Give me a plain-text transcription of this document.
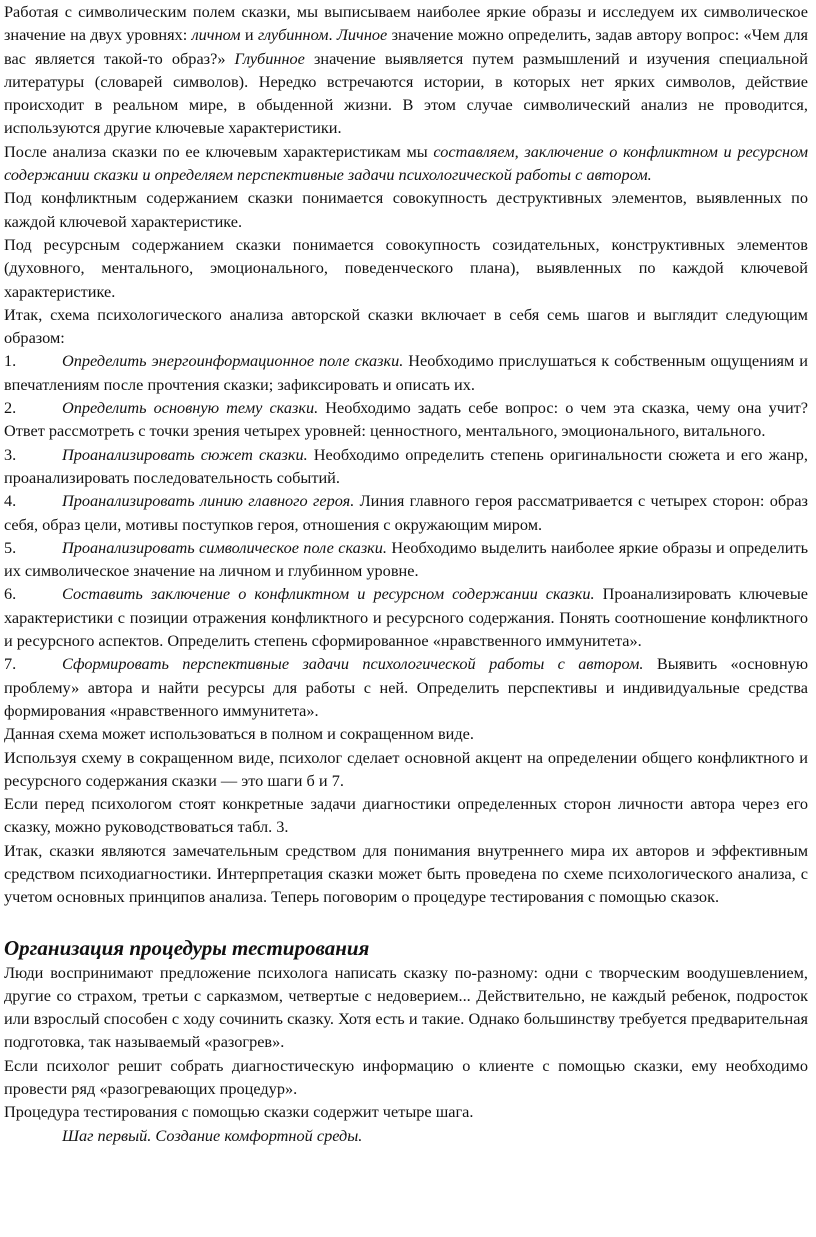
Работая с символическим полем сказки, мы выписываем наиболее яркие образы и исследуем их символическое значение на двух уровнях: личном и глубинном. Личное значение можно определить, задав автору вопрос: «Чем для вас является такой-то образ?» Глубинное значение выявляется путем размышлений и изучения специальной литературы (словарей символов). Нередко встречаются истории, в которых нет ярких символов, действие происходит в реальном мире, в обыденной жизни. В этом случае символический анализ не проводится, используются другие ключевые характеристики.

После анализа сказки по ее ключевым характеристикам мы составляем, заключение о конфликтном и ресурсном содержании сказки и определяем перспективные задачи психологической работы с автором.

Под конфликтным содержанием сказки понимается совокупность деструктивных элементов, выявленных по каждой ключевой характеристике.

Под ресурсным содержанием сказки понимается совокупность созидательных, конструктивных элементов (духовного, ментального, эмоционального, поведенческого плана), выявленных по каждой ключевой характеристике.

Итак, схема психологического анализа авторской сказки включает в себя семь шагов и выглядит следующим образом:

1.	Определить энергоинформационное поле сказки. Необходимо прислушаться к собственным ощущениям и впечатлениям после прочтения сказки; зафиксировать и описать их.

2.	Определить основную тему сказки. Необходимо задать себе вопрос: о чем эта сказка, чему она учит? Ответ рассмотреть с точки зрения четырех уровней: ценностного, ментального, эмоционального, витального.

3.	Проанализировать сюжет сказки. Необходимо определить степень оригинальности сюжета и его жанр, проанализировать последовательность событий.

4.	Проанализировать линию главного героя. Линия главного героя рассматривается с четырех сторон: образ себя, образ цели, мотивы поступков героя, отношения с окружающим миром.

5.	Проанализировать символическое поле сказки. Необходимо выделить наиболее яркие образы и определить их символическое значение на личном и глубинном уровне.

6.	Составить заключение о конфликтном и ресурсном содержании сказки. Проанализировать ключевые характеристики с позиции отражения конфликтного и ресурсного содержания. Понять соотношение конфликтного и ресурсного аспектов. Определить степень сформированное «нравственного иммунитета».

7.	Сформировать перспективные задачи психологической работы с автором. Выявить «основную проблему» автора и найти ресурсы для работы с ней. Определить перспективы и индивидуальные средства формирования «нравственного иммунитета».

Данная схема может использоваться в полном и сокращенном виде.

Используя схему в сокращенном виде, психолог сделает основной акцент на определении общего конфликтного и ресурсного содержания сказки — это шаги б и 7.

Если перед психологом стоят конкретные задачи диагностики определенных сторон личности автора через его сказку, можно руководствоваться табл. 3.

Итак, сказки являются замечательным средством для понимания внутреннего мира их авторов и эффективным средством психодиагностики. Интерпретация сказки может быть проведена по схеме психологического анализа, с учетом основных принципов анализа. Теперь поговорим о процедуре тестирования с помощью сказок.

Организация процедуры тестирования

Люди воспринимают предложение психолога написать сказку по-разному: одни с творческим воодушевлением, другие со страхом, третьи с сарказмом, четвертые с недоверием... Действительно, не каждый ребенок, подросток или взрослый способен с ходу сочинить сказку. Хотя есть и такие. Однако большинству требуется предварительная подготовка, так называемый «разогрев».

Если психолог решит собрать диагностическую информацию о клиенте с помощью сказки, ему необходимо провести ряд «разогревающих процедур».

Процедура тестирования с помощью сказки содержит четыре шага.

Шаг первый. Создание комфортной среды.
